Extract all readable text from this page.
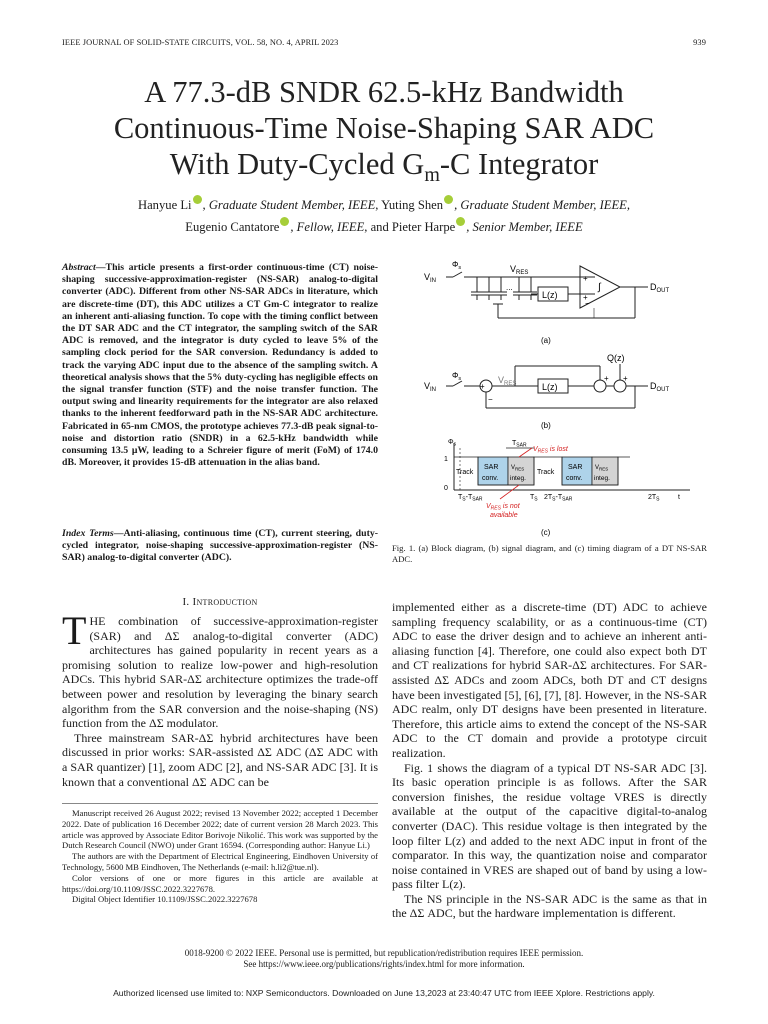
IEEE JOURNAL OF SOLID-STATE CIRCUITS, VOL. 58, NO. 4, APRIL 2023	939
A 77.3-dB SNDR 62.5-kHz Bandwidth
Continuous-Time Noise-Shaping SAR ADC
With Duty-Cycled $G_m-C$ Integrator
Hanyue Li iD , Graduate Student Member, IEEE, Yuting Shen iD , Graduate Student Member, IEEE,
Eugenio Cantatore iD , Fellow, IEEE, and Pieter Harpe iD , Senior Member, IEEE
Abstract—This article presents a first-order continuous-time (CT) noise-shaping successive-approximation-register (NS-SAR) analog-to-digital converter (ADC). Different from other NS-SAR ADCs in literature, which are discrete-time (DT), this ADC utilizes a CT Gm-C integrator to realize an inherent anti-aliasing function. To cope with the timing conflict between the DT SAR ADC and the CT integrator, the sampling switch of the SAR ADC is removed, and the integrator is duty cycled to leave 5% of the sampling clock period for the SAR conversion. Redundancy is added to track the varying ADC input due to the absence of the sampling switch. A theoretical analysis shows that the 5% duty-cycling has negligible effects on the signal transfer function (STF) and the noise transfer function. The output swing and linearity requirements for the integrator are also relaxed thanks to the inherent feedforward path in the NS-SAR ADC architecture. Fabricated in 65-nm CMOS, the prototype achieves 77.3-dB peak signal-to-noise and distortion ratio (SNDR) in a 62.5-kHz bandwidth while consuming 13.5 μW, leading to a Schreier figure of merit (FoM) of 174.0 dB. Moreover, it provides 15-dB attenuation in the alias band.
Index Terms—Anti-aliasing, continuous time (CT), current steering, duty-cycled integrator, noise-shaping successive-approximation-register (NS-SAR) analog-to-digital converter (ADC).
I. Introduction

THE combination of successive-approximation-register (SAR) and ΔΣ analog-to-digital converter (ADC) architectures has gained popularity in recent years as a promising solution to realize low-power and high-resolution ADCs. This hybrid SAR-ΔΣ architecture optimizes the trade-off between power and resolution by leveraging the binary search algorithm from the SAR conversion and the noise-shaping (NS) function from the ΔΣ modulator.

Three mainstream SAR-ΔΣ hybrid architectures have been discussed in prior works: SAR-assisted ΔΣ ADC (ΔΣ ADC with a SAR quantizer) [1], zoom ADC [2], and NS-SAR ADC [3]. It is known that a conventional ΔΣ ADC can be

Manuscript received 26 August 2022; revised 13 November 2022; accepted 1 December 2022. Date of publication 16 December 2022; date of current version 28 March 2023. This article was approved by Associate Editor Borivoje Nikolić. This work was supported by the Dutch Research Council (NWO) under Grant 16594. (Corresponding author: Hanyue Li.)

The authors are with the Department of Electrical Engineering, Eindhoven University of Technology, 5600 MB Eindhoven, The Netherlands (e-mail: h.li2@tue.nl).

Color versions of one or more figures in this article are available at https://doi.org/10.1109/JSSC.2022.3227678.

Digital Object Identifier 10.1109/JSSC.2022.3227678

$V_{IN}$
$\Phi_s$	$V_{RES}$
L(z)
...
+
+
−
∫	$D_{OUT}$
(a)
$V_{IN}$
$\Phi_s$	$V_{RES}$	L(z)
Q(z)
+
−
+ +
$D_{OUT}$
(b)
$\Phi_s$	$T_{SAR}$
$V_{RES}$ is lost
1
0
Track
SAR
conv.
$V_{RES}$
integ.
Track
SAR
conv.
$V_{RES}$
integ.
$T_S-T_{SAR}$	$T_S$ $2T_S-T_{SAR}$	$2T_S$	t
$V_{RES}$ is not
available
(c)
Fig. 1. (a) Block diagram, (b) signal diagram, and (c) timing diagram of a DT NS-SAR ADC.

implemented either as a discrete-time (DT) ADC to achieve sampling frequency scalability, or as a continuous-time (CT) ADC to ease the driver design and to achieve an inherent anti-aliasing function [4]. Therefore, one could also expect both DT and CT realizations for hybrid SAR-ΔΣ architectures. For SAR-assisted ΔΣ ADCs and zoom ADCs, both DT and CT designs have been investigated [5], [6], [7], [8]. However, in the NS-SAR ADC realm, only DT designs have been presented in literature. Therefore, this article aims to extend the concept of the NS-SAR ADC to the CT domain and provide a prototype circuit realization.

Fig. 1 shows the diagram of a typical DT NS-SAR ADC [3]. Its basic operation principle is as follows. After the SAR conversion finishes, the residue voltage VRES is directly available at the output of the capacitive digital-to-analog converter (DAC). This residue voltage is then integrated by the loop filter L(z) and added to the next ADC input in front of the comparator. In this way, the quantization noise and comparator noise contained in VRES are shaped out of band by using a low-pass filter L(z).

The NS principle in the NS-SAR ADC is the same as that in the ΔΣ ADC, but the hardware implementation is different.

0018-9200 © 2022 IEEE. Personal use is permitted, but republication/redistribution requires IEEE permission.
See https://www.ieee.org/publications/rights/index.html for more information.
Authorized licensed use limited to: NXP Semiconductors. Downloaded on June 13,2023 at 23:40:47 UTC from IEEE Xplore. Restrictions apply.
